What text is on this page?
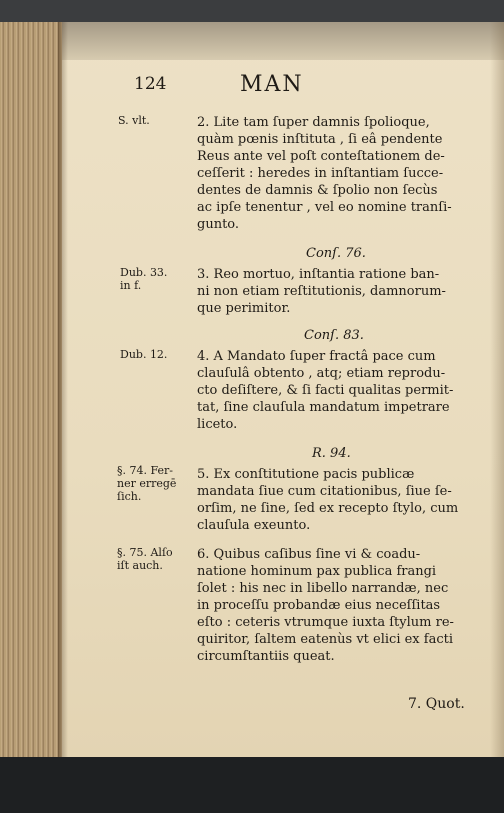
124	MAN
S. vlt.	2. Lite tam ſuper damnis ſpolioque,
quàm pœnis inſtituta , ſi eâ pendente
Reus ante vel poſt conteſtationem de-
ceſſerit : heredes in inſtantiam ſucce-
dentes de damnis & ſpolio non ſecùs
ac ipſe tenentur , vel eo nomine tranſi-
gunto.
Conſ. 76.
Dub. 33.
in f.
3. Reo mortuo, inſtantia ratione ban-
ni non etiam reſtitutionis, damnorum-
que perimitor.
Conſ. 83.
Dub. 12. 4. A Mandato ſuper fractâ pace cum
clauſulâ obtento , atq; etiam reprodu-
cto deſiſtere, & ſi facti qualitas permit-
tat, ſine clauſula mandatum impetrare
liceto.
R. 94.
§. 74. Fer-
ner erregē
ſich.
5. Ex conſtitutione pacis publicæ
mandata ſiue cum citationibus, ſiue ſe-
orſim, ne ſine, ſed ex recepto ſtylo, cum
clauſula exeunto.
§. 75. Alſo
iſt auch.
6. Quibus caſibus ſine vi & coadu-
natione hominum pax publica frangi
ſolet : his nec in libello narrandæ, nec
in proceſſu probandæ eius neceſſitas
eſto : ceteris vtrumque iuxta ſtylum re-
quiritor, ſaltem eatenùs vt elici ex facti
circumſtantiis queat.
7. Quot.
